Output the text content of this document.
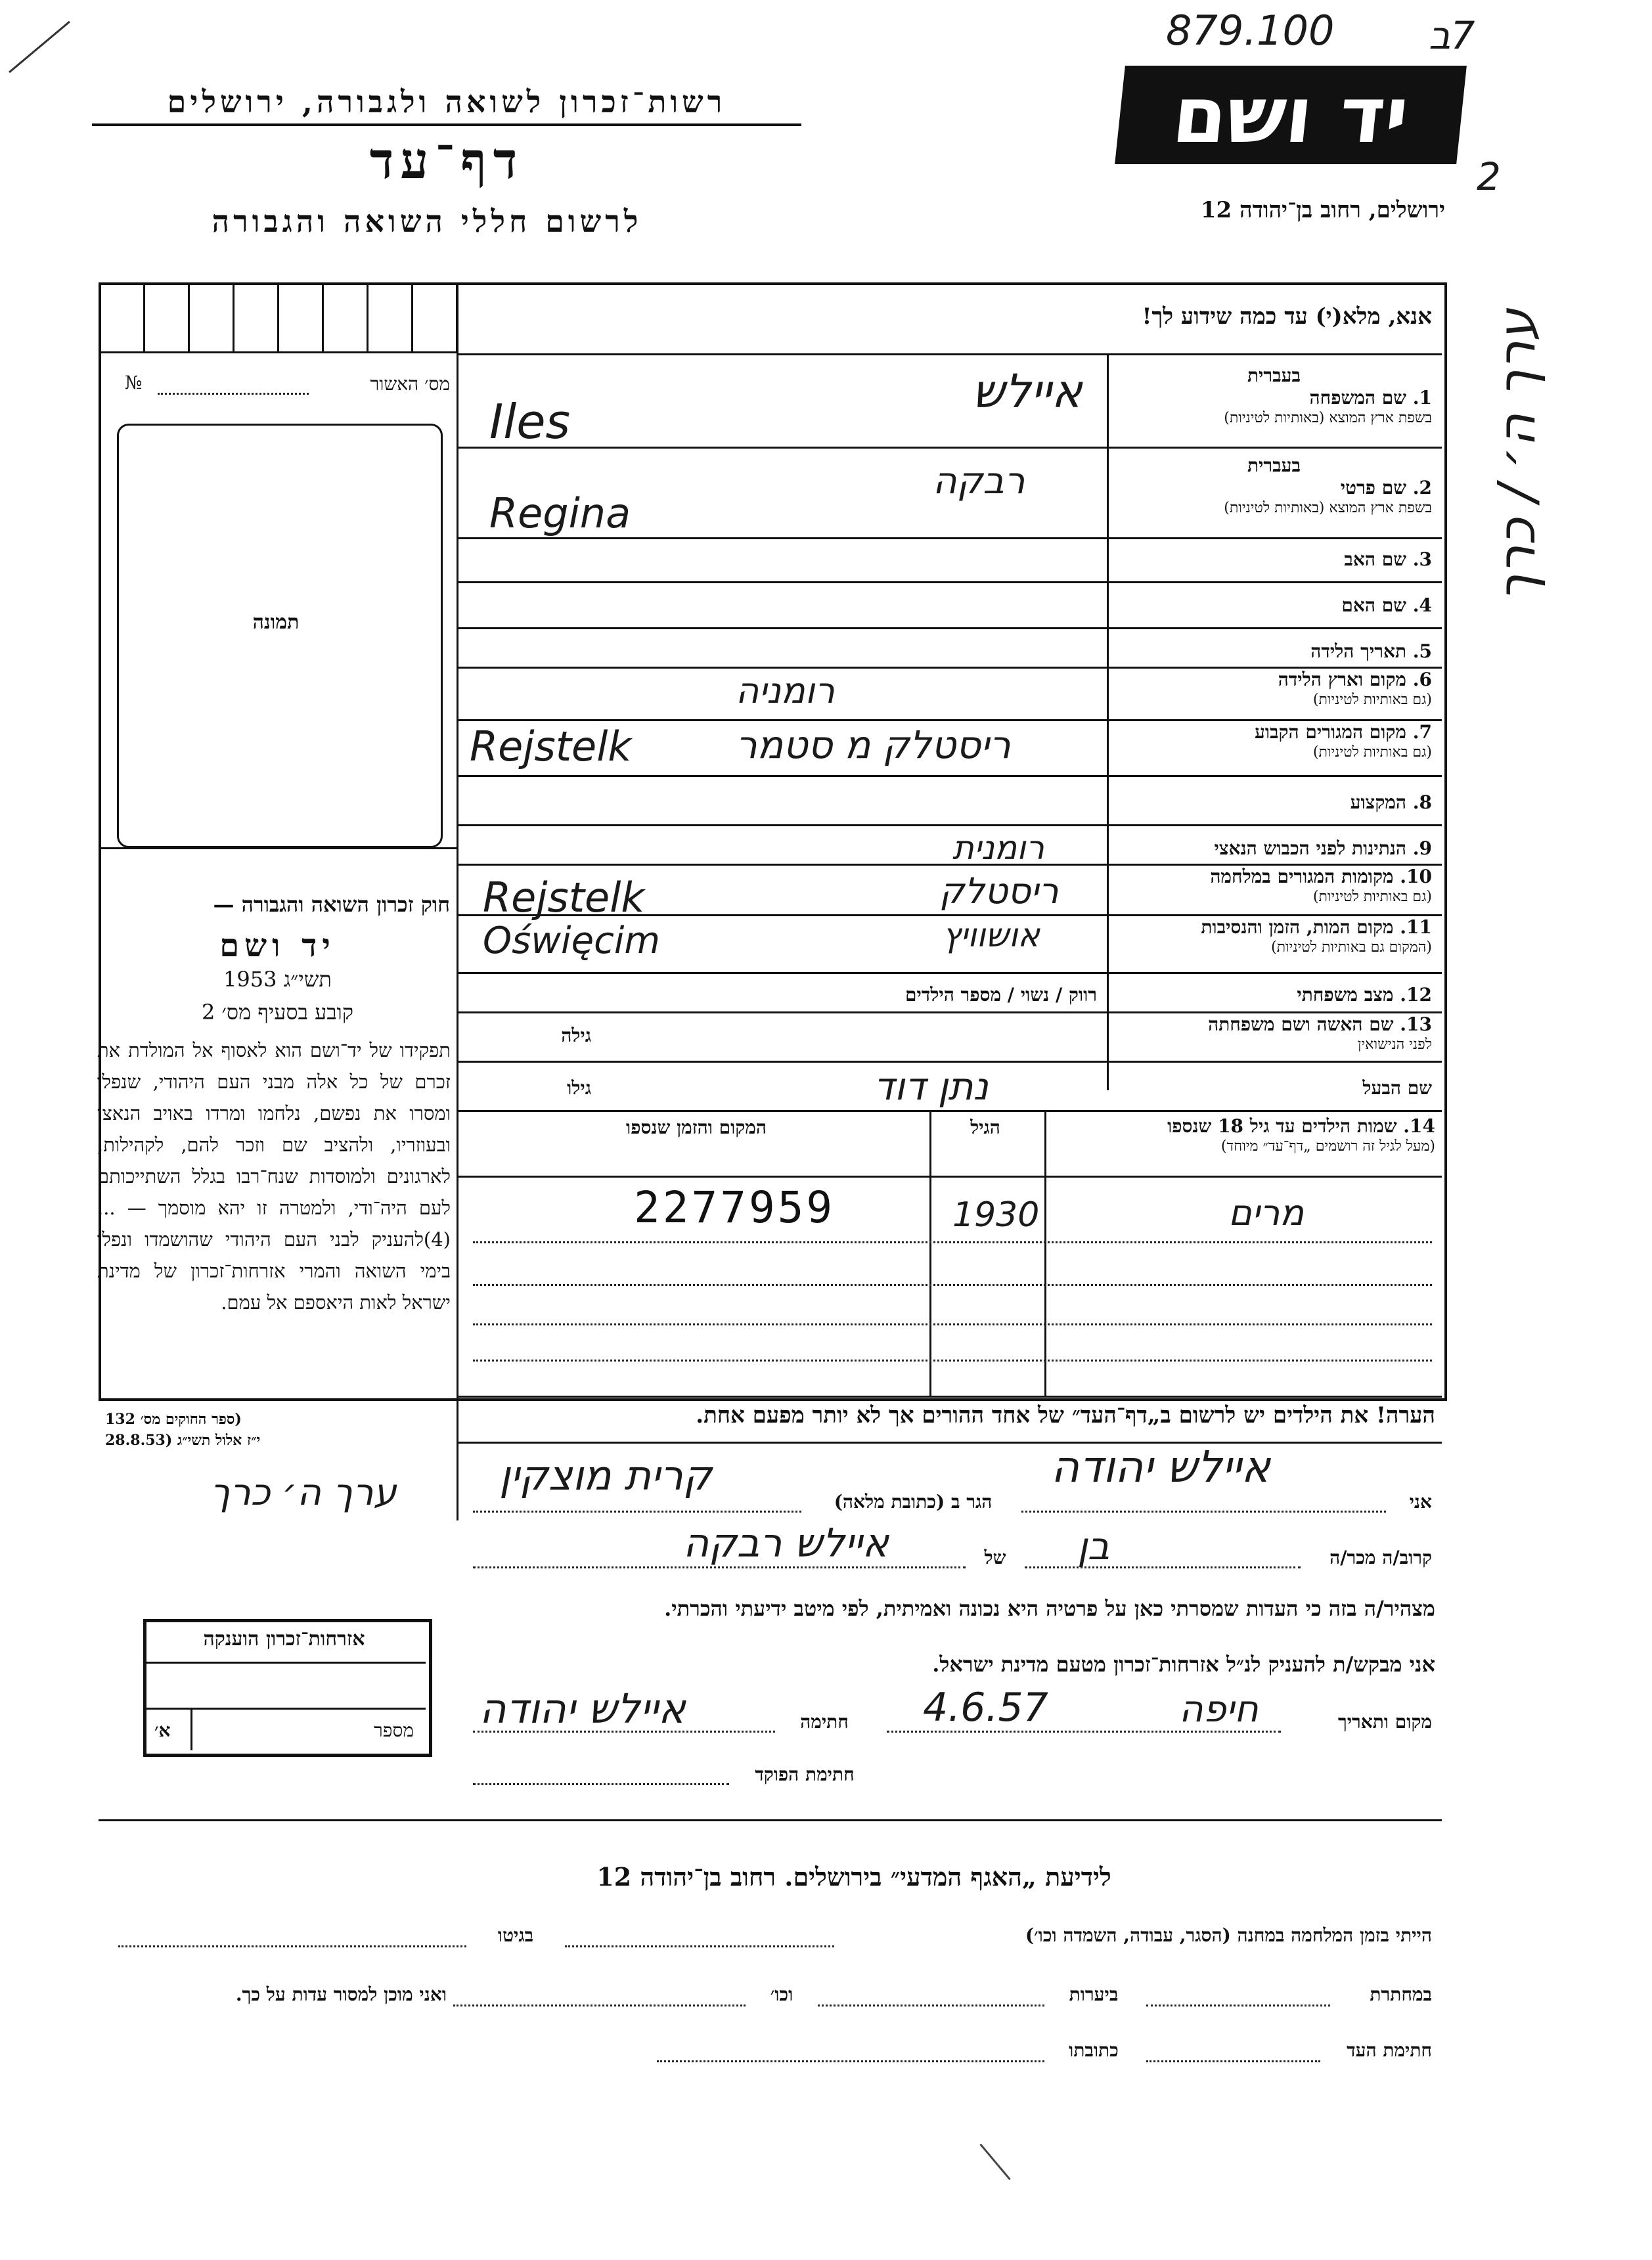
879.100 7ב
2
רשות־זכרון לשואה ולגבורה, ירושלים
דף־עד
לרשום חללי השואה והגבורה
יד ושם
ירושלים, רחוב בן־יהודה 12
מס׳ האשור
№
תמונה
חוק זכרון השואה והגבורה —
יד ושם
תשי״ג 1953
קובע בסעיף מס׳ 2

תפקידו של יד־ושם הוא לאסוף אל המולדת את זכרם של כל אלה מבני העם היהודי, שנפלו ומסרו את נפשם, נלחמו ומרדו באויב הנאצי ובעוזריו, ולהציב שם וזכר להם, לקהילות, לארגונים ולמוסדות שנח־רבו בגלל השתייכותם לעם היה־ודי, ולמטרה זו יהא מוסמך — ...(4)להעניק לבני העם היהודי שהושמדו ונפלו בימי השואה והמרי אזרחות־זכרון של מדינת ישראל לאות היאספם אל עמם.

(ספר החוקים מס׳ 132
י״ז אלול תשי״ג (28.8.53
ערך ה׳ כרך
אזרחות־זכרון הוענקה
מספר
א׳
אנא, מלא(י) עד כמה שידוע לך!
בעברית
1. שם המשפחה
בשפת ארץ המוצא (באותיות לטיניות)
בעברית
2. שם פרטי
בשפת ארץ המוצא (באותיות לטיניות)
3. שם האב
4. שם האם
5. תאריך הלידה
6. מקום וארץ הלידה
(גם באותיות לטיניות)
7. מקום המגורים הקבוע
(גם באותיות לטיניות)
8. המקצוע
9. הנתינות לפני הכבוש הנאצי
10. מקומות המגורים במלחמה
(גם באותיות לטיניות)
11. מקום המות, הזמן והנסיבות
(המקום גם באותיות לטיניות)
12. מצב משפחתי
רווק / נשוי / מספר הילדים
13. שם האשה ושם משפחתה
לפני הנישואין
גילה
שם הבעל
גילו
14. שמות הילדים עד גיל 18 שנספו
(מעל לגיל זה רושמים „דף־עד״ מיוחד)
הגיל
המקום והזמן שנספו
איילש
Iles
רבקה
Regina
רומניה
ריסטלק מ סטמר
Rejstelk
רומנית
ריסטלק
Rejstelk
אושוויץ
Oświęcim
נתן דוד
מרים
1930
2277959
הערה! את הילדים יש לרשום ב„דף־העד״ של אחד ההורים אך לא יותר מפעם אחת.
אני
איילש יהודה
הגר ב (כתובת מלאה)
קרית מוצקין
קרוב/ה מכר/ה
בן
של
איילש רבקה
מצהיר/ה בזה כי העדות שמסרתי כאן על פרטיה היא נכונה ואמיתית, לפי מיטב ידיעתי והכרתי.
אני מבקש/ת להעניק לנ״ל אזרחות־זכרון מטעם מדינת ישראל.
מקום ותאריך
חיפה
4.6.57
חתימה
איילש יהודה
חתימת הפוקד
לידיעת „האגף המדעי״ בירושלים. רחוב בן־יהודה 12
הייתי בזמן המלחמה במחנה (הסגר, עבודה, השמדה וכו׳)
בגיטו
במחתרת
ביערות
וכו׳
ואני מוכן למסור עדות על כך.
חתימת העד
כתובתו
ערך ה׳ / כרך
